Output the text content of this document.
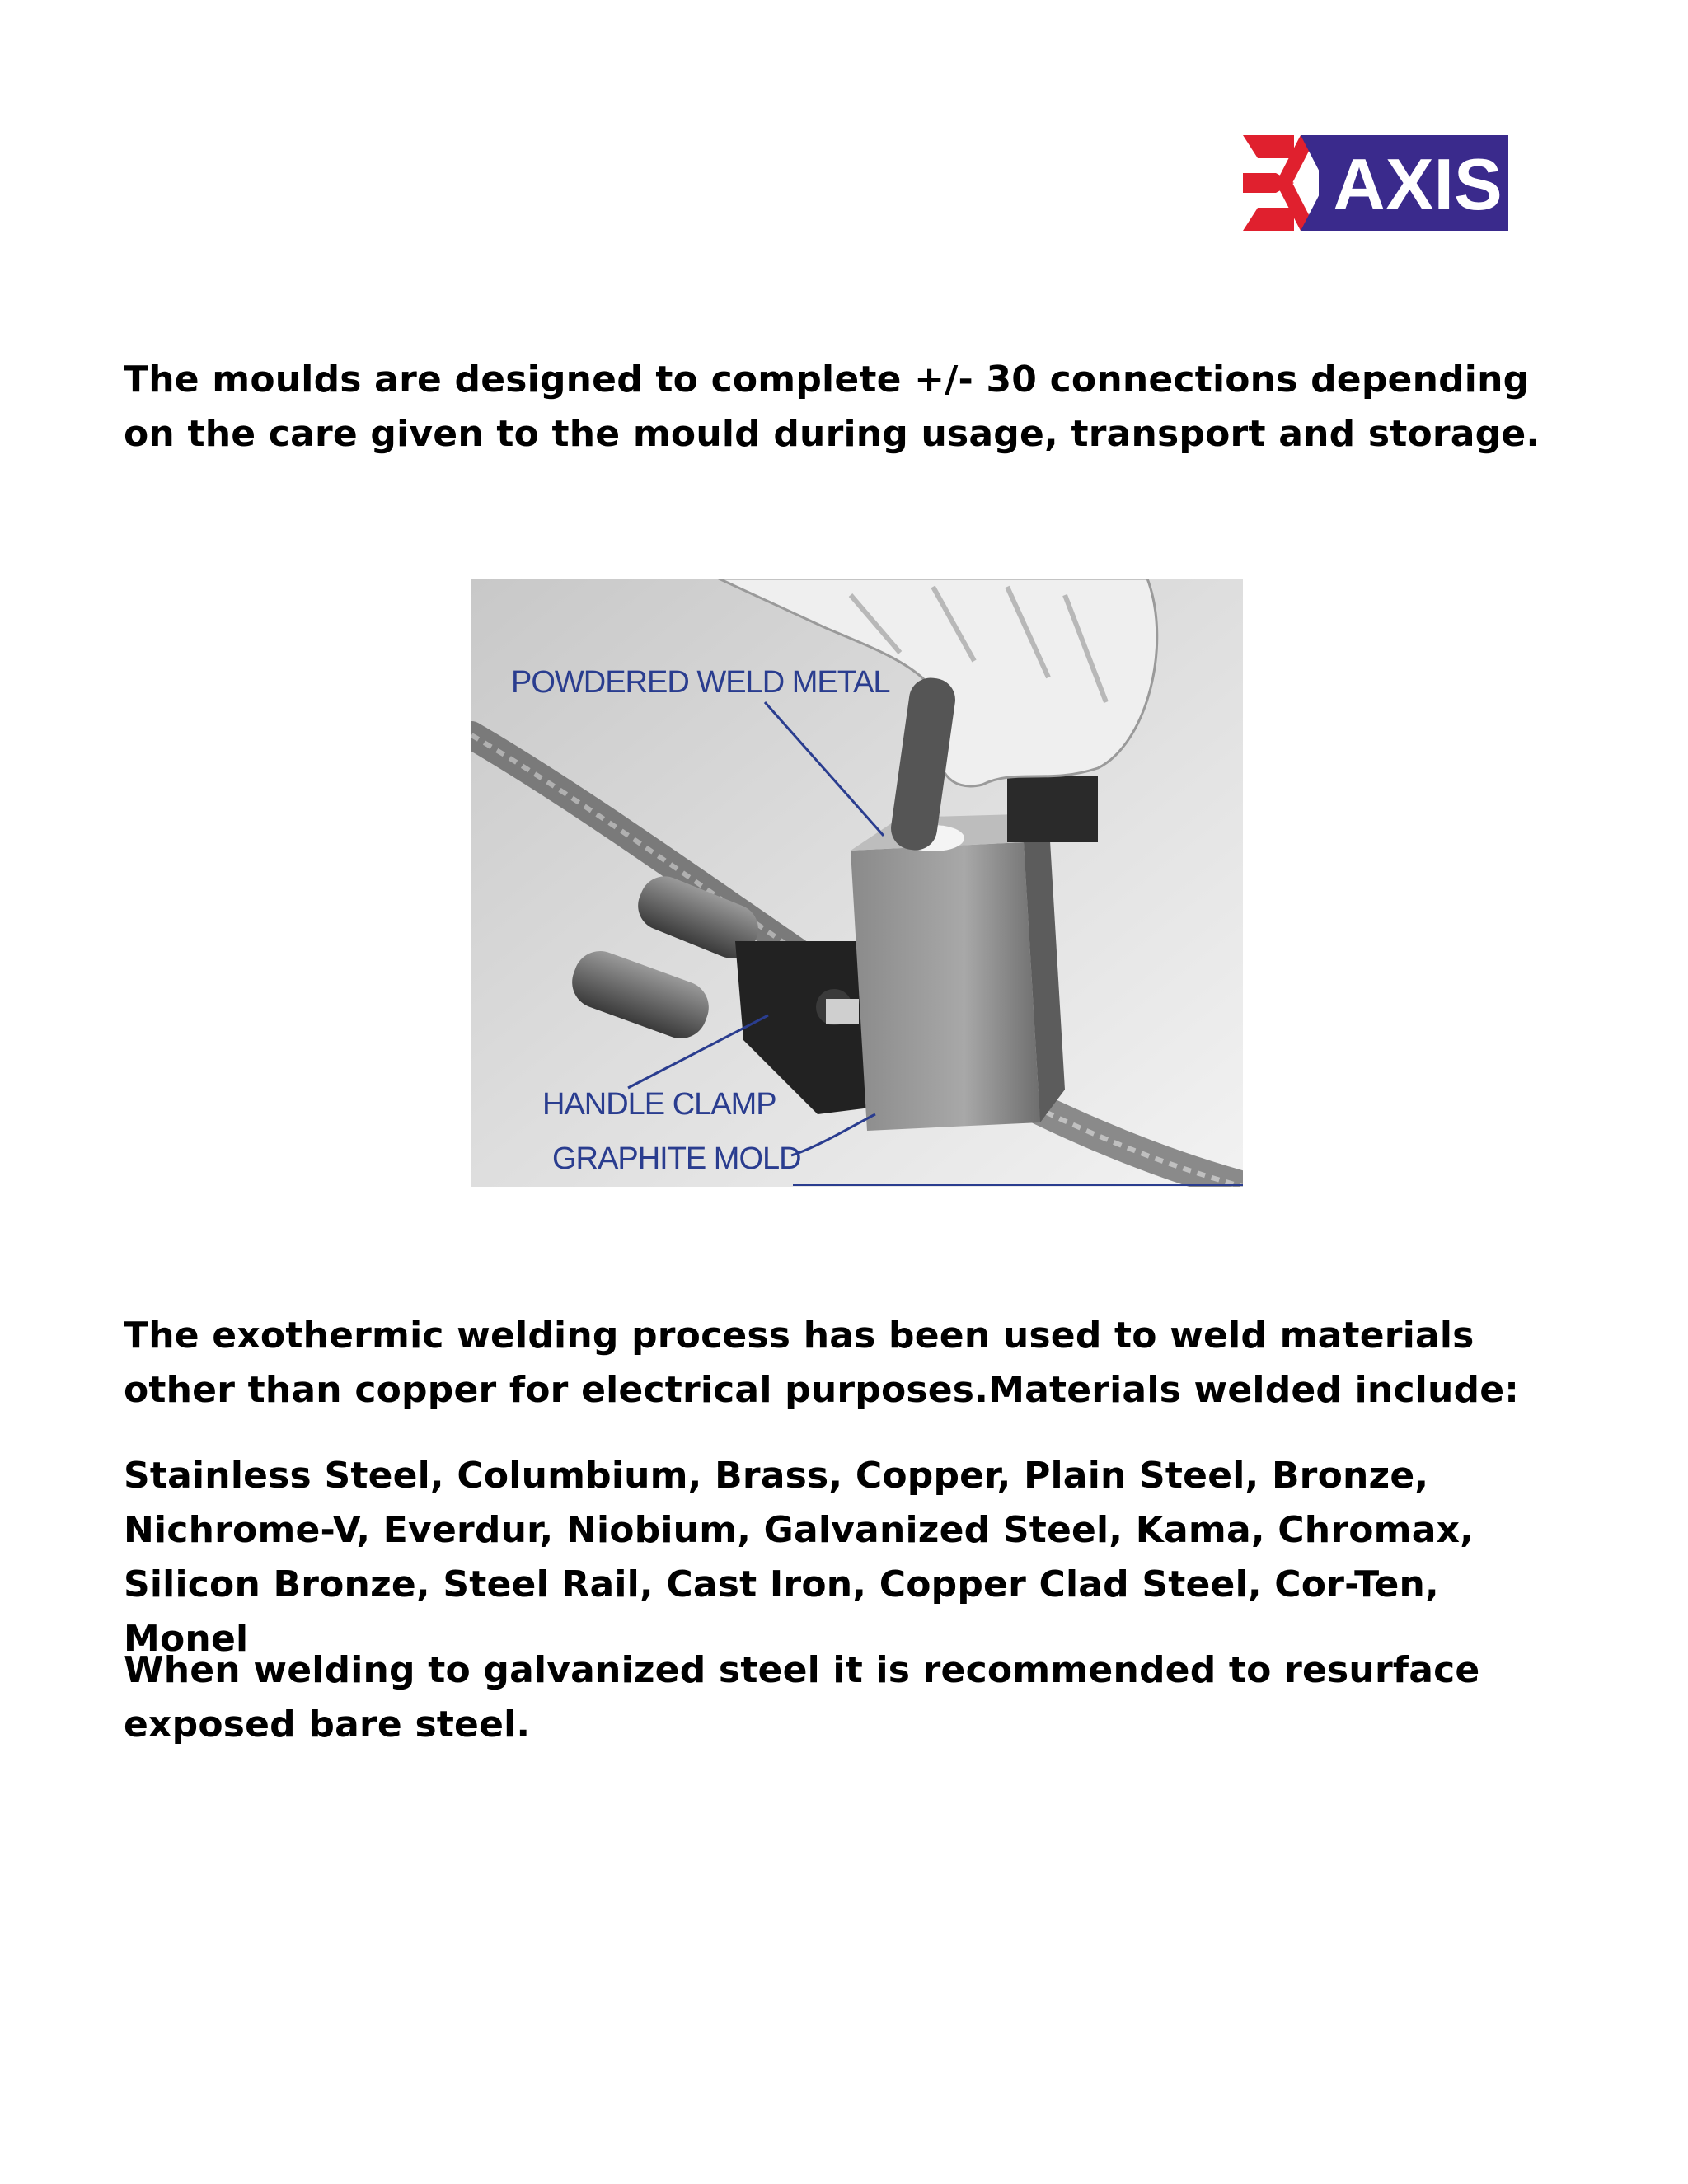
AXIS

The moulds are designed to complete +/- 30 connections depending on the care given to the mould during usage, transport and storage.

POWDERED WELD METAL
HANDLE CLAMP
GRAPHITE MOLD

The exothermic welding process has been used to weld materials other than copper for electrical purposes.Materials welded include:

Stainless Steel, Columbium, Brass, Copper, Plain Steel, Bronze, Nichrome-V, Everdur, Niobium, Galvanized Steel, Kama, Chromax, Silicon Bronze, Steel Rail, Cast Iron, Copper Clad Steel, Cor-Ten, Monel

When welding to galvanized steel it is recommended to resurface exposed bare steel.
